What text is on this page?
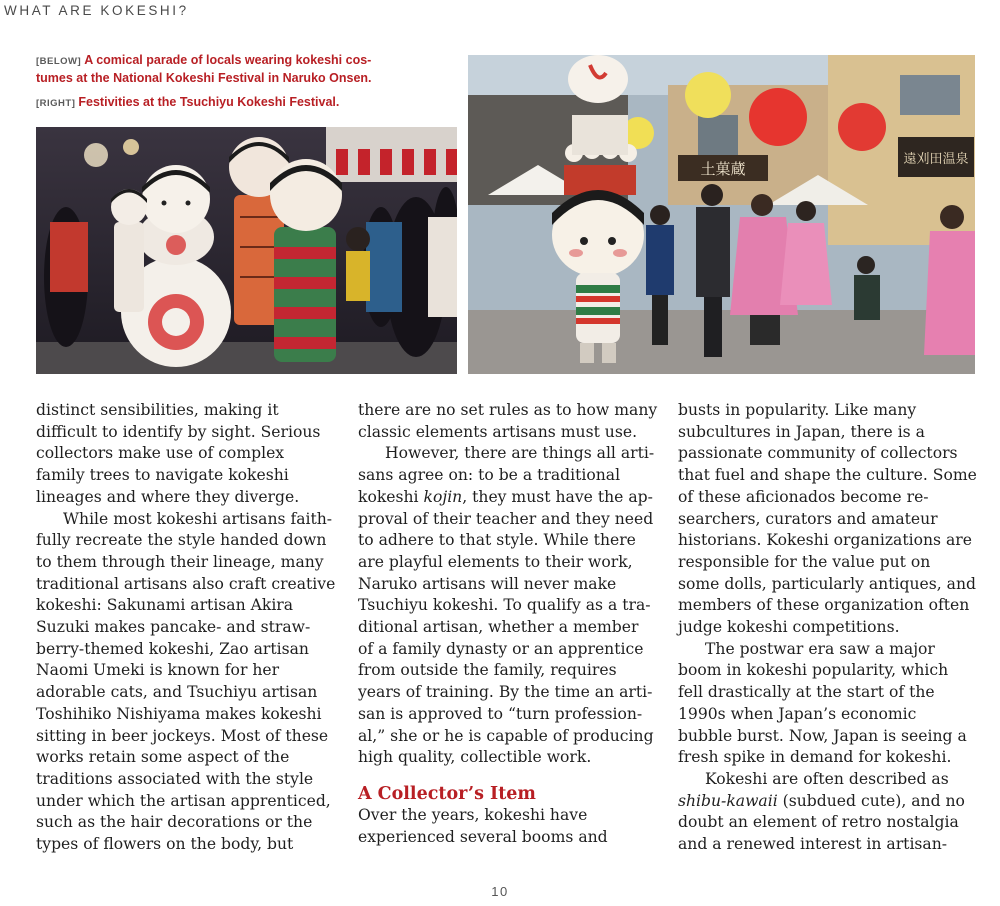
WHAT ARE KOKESHI?
[BELOW] A comical parade of locals wearing kokeshi cos-
tumes at the National Kokeshi Festival in Naruko Onsen.
[RIGHT] Festivities at the Tsuchiyu Kokeshi Festival.
土菓蔵
遠刈田温泉
distinct sensibilities, making it
difficult to identify by sight. Serious
collectors make use of complex
family trees to navigate kokeshi
lineages and where they diverge.
While most kokeshi artisans faith-
fully recreate the style handed down
to them through their lineage, many
traditional artisans also craft creative
kokeshi: Sakunami artisan Akira
Suzuki makes pancake- and straw-
berry-themed kokeshi, Zao artisan
Naomi Umeki is known for her
adorable cats, and Tsuchiyu artisan
Toshihiko Nishiyama makes kokeshi
sitting in beer jockeys. Most of these
works retain some aspect of the
traditions associated with the style
under which the artisan apprenticed,
such as the hair decorations or the
types of flowers on the body, but
there are no set rules as to how many
classic elements artisans must use.
However, there are things all arti-
sans agree on: to be a traditional
kokeshi kojin, they must have the ap-
proval of their teacher and they need
to adhere to that style. While there
are playful elements to their work,
Naruko artisans will never make
Tsuchiyu kokeshi. To qualify as a tra-
ditional artisan, whether a member
of a family dynasty or an apprentice
from outside the family, requires
years of training. By the time an arti-
san is approved to “turn profession-
al,” she or he is capable of producing
high quality, collectible work.
A Collector’s Item
Over the years, kokeshi have
experienced several booms and
busts in popularity. Like many
subcultures in Japan, there is a
passionate community of collectors
that fuel and shape the culture. Some
of these aficionados become re-
searchers, curators and amateur
historians. Kokeshi organizations are
responsible for the value put on
some dolls, particularly antiques, and
members of these organization often
judge kokeshi competitions.
The postwar era saw a major
boom in kokeshi popularity, which
fell drastically at the start of the
1990s when Japan’s economic
bubble burst. Now, Japan is seeing a
fresh spike in demand for kokeshi.
Kokeshi are often described as
shibu-kawaii (subdued cute), and no
doubt an element of retro nostalgia
and a renewed interest in artisan-
10
